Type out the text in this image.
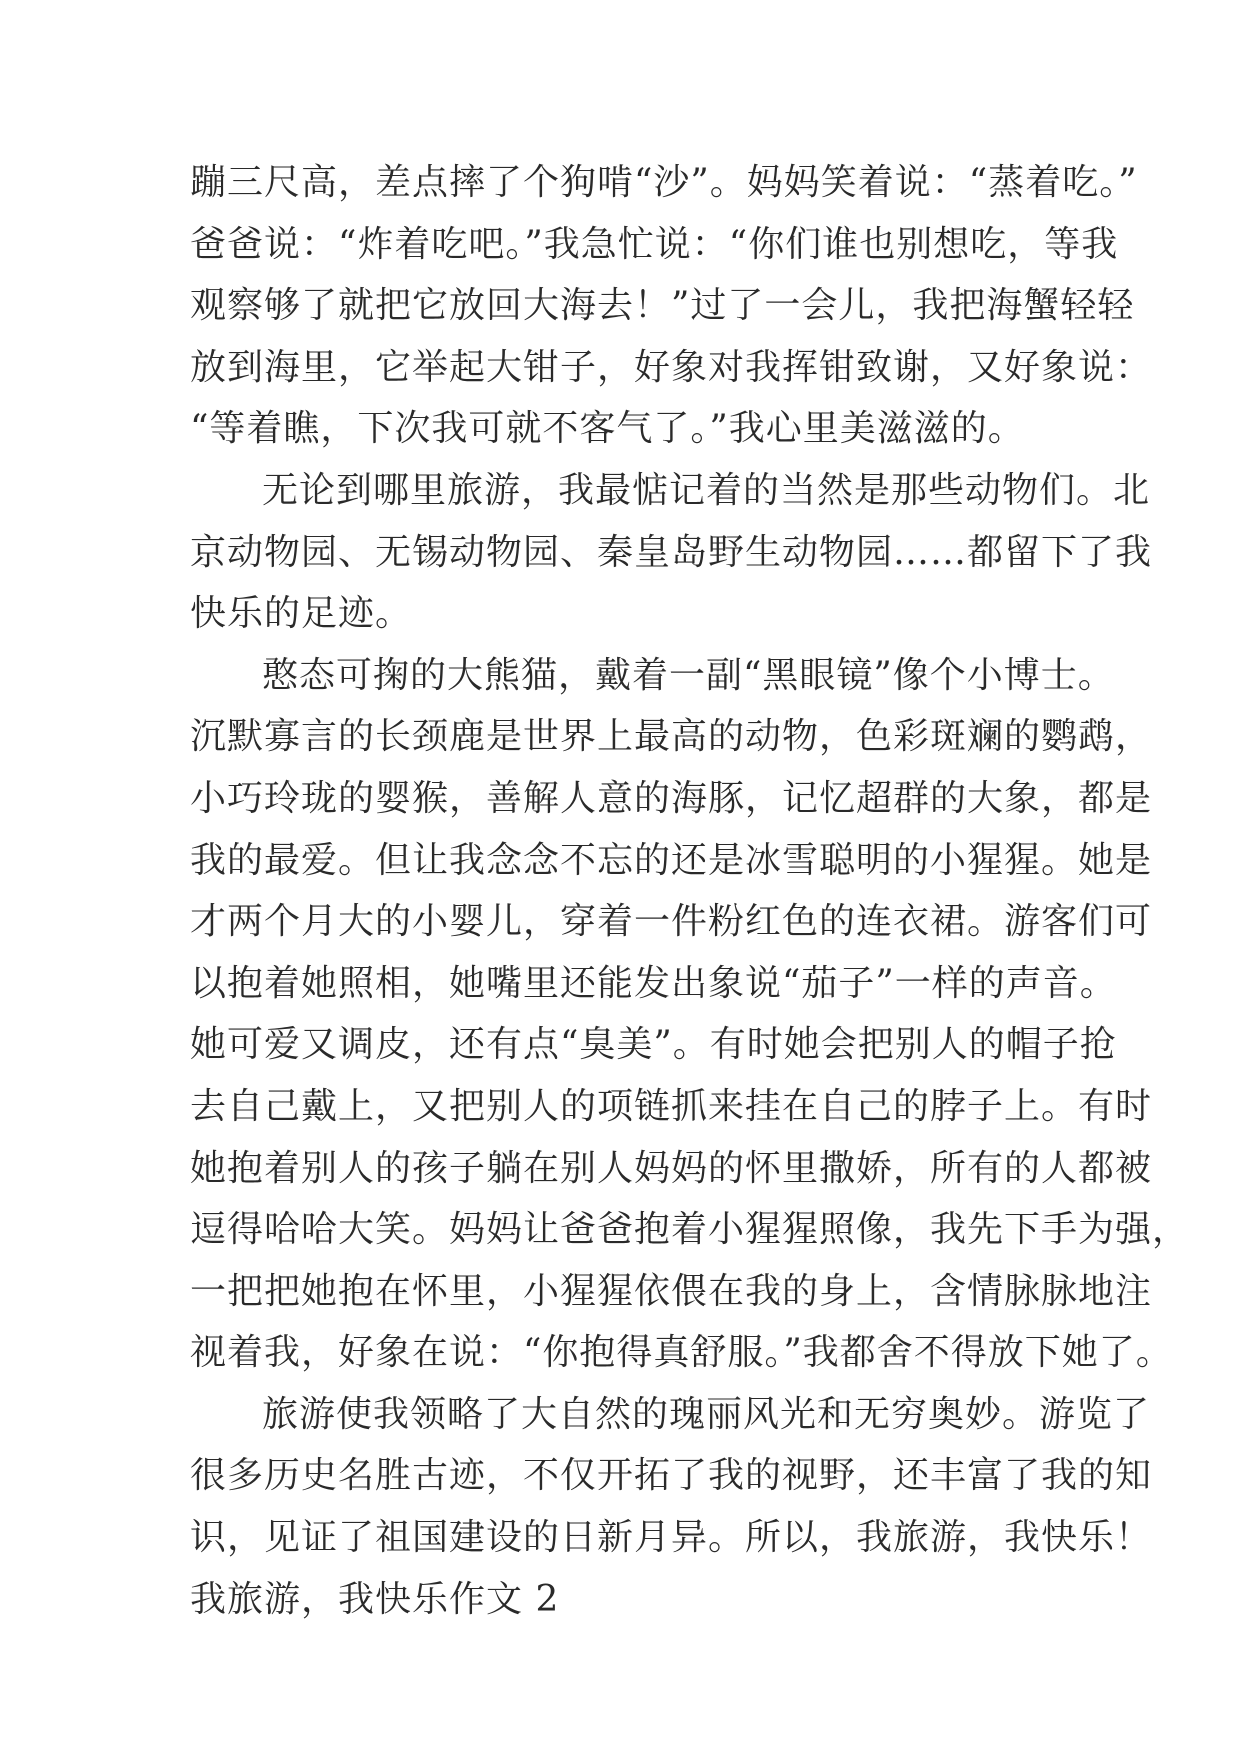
蹦三尺高，差点摔了个狗啃“沙”。妈妈笑着说：“蒸着吃。”
爸爸说：“炸着吃吧。”我急忙说：“你们谁也别想吃，等我
观察够了就把它放回大海去！”过了一会儿，我把海蟹轻轻
放到海里，它举起大钳子，好象对我挥钳致谢，又好象说：
“等着瞧，下次我可就不客气了。”我心里美滋滋的。
无论到哪里旅游，我最惦记着的当然是那些动物们。北
京动物园、无锡动物园、秦皇岛野生动物园……都留下了我
快乐的足迹。
憨态可掬的大熊猫，戴着一副“黑眼镜”像个小博士。
沉默寡言的长颈鹿是世界上最高的动物，色彩斑斓的鹦鹉，
小巧玲珑的婴猴，善解人意的海豚，记忆超群的大象，都是
我的最爱。但让我念念不忘的还是冰雪聪明的小猩猩。她是
才两个月大的小婴儿，穿着一件粉红色的连衣裙。游客们可
以抱着她照相，她嘴里还能发出象说“茄子”一样的声音。
她可爱又调皮，还有点“臭美”。有时她会把别人的帽子抢
去自己戴上，又把别人的项链抓来挂在自己的脖子上。有时
她抱着别人的孩子躺在别人妈妈的怀里撒娇，所有的人都被
逗得哈哈大笑。妈妈让爸爸抱着小猩猩照像，我先下手为强，
一把把她抱在怀里，小猩猩依偎在我的身上，含情脉脉地注
视着我，好象在说：“你抱得真舒服。”我都舍不得放下她了。
旅游使我领略了大自然的瑰丽风光和无穷奥妙。游览了
很多历史名胜古迹，不仅开拓了我的视野，还丰富了我的知
识，见证了祖国建设的日新月异。所以，我旅游，我快乐！
我旅游，我快乐作文 2
